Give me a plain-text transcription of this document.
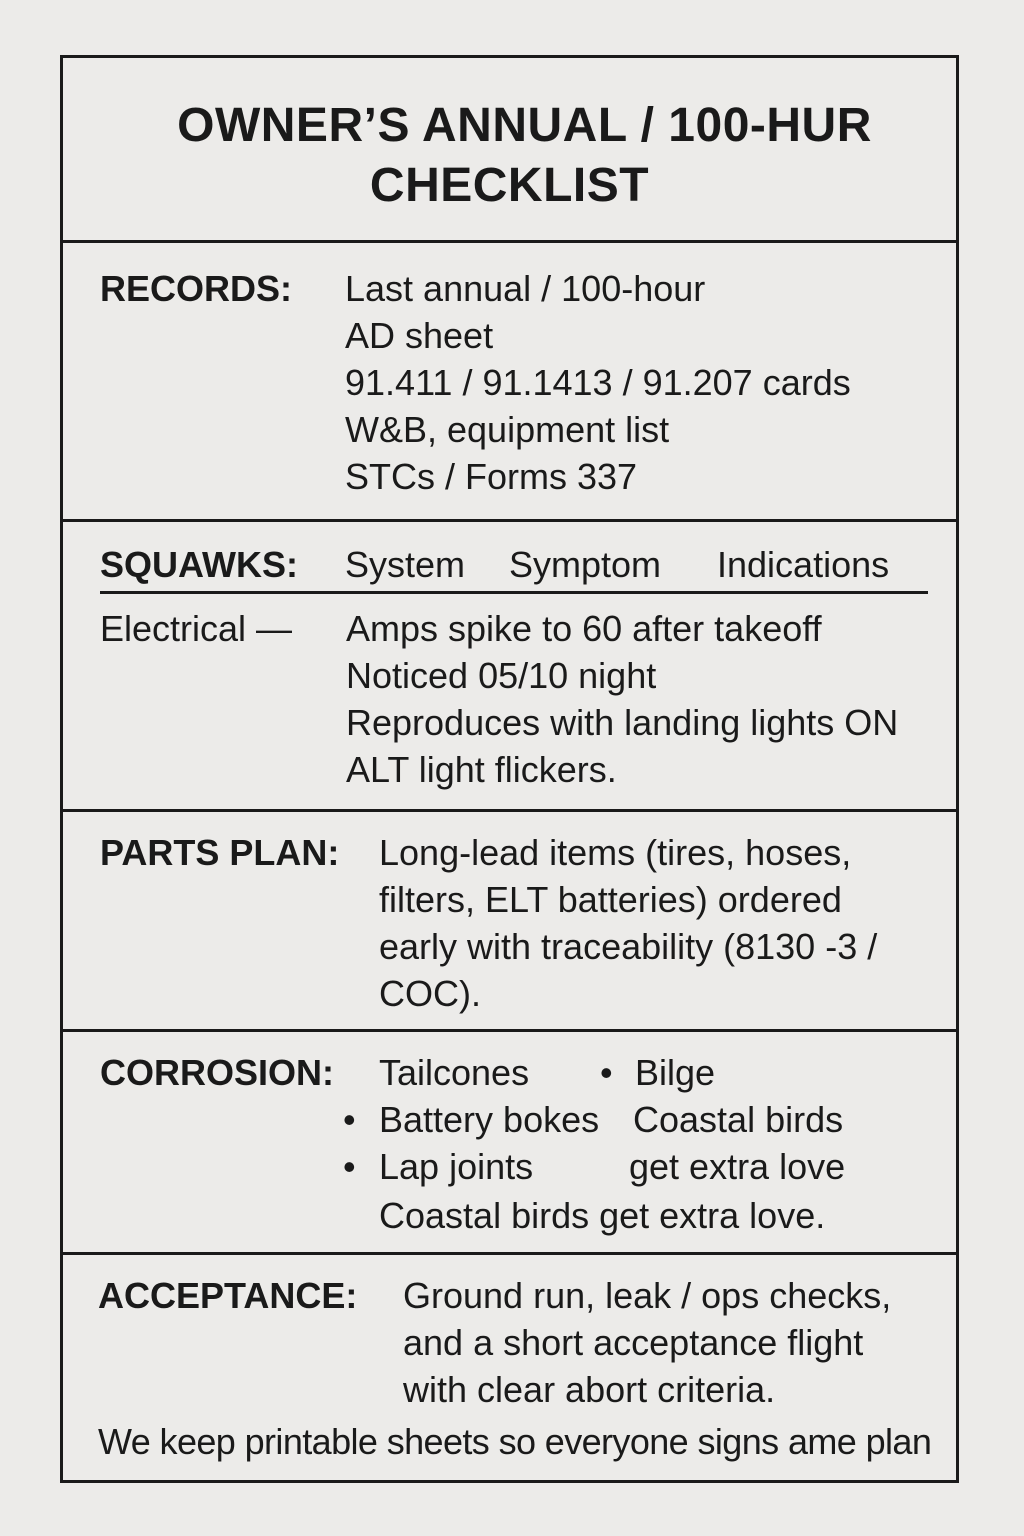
OWNER’S ANNUAL / 100-HUR
CHECKLIST
RECORDS: Last annual / 100-hour
AD sheet
91.411 / 91.1413 / 91.207 cards
W&B, equipment list
STCs / Forms 337
SQUAWKS: System Symptom Indications
Electrical — Amps spike to 60 after takeoff
Noticed 05/10 night
Reproduces with landing lights ON
ALT light flickers.
PARTS PLAN: Long-lead items (tires, hoses,
filters, ELT batteries) ordered
early with traceability (8130 -3 /
COC).
CORROSION: Tailcones
• Battery bokes
• Lap joints
• Bilge
Coastal birds
get extra love
Coastal birds get extra love.
ACCEPTANCE: Ground run, leak / ops checks,
and a short acceptance flight
with clear abort criteria.
We keep printable sheets so everyone signs ame plan
